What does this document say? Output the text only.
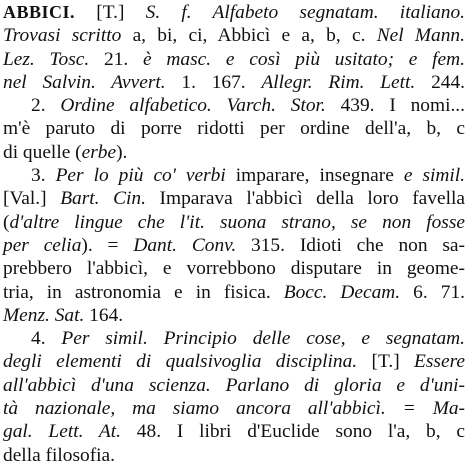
ABBICI. [T.] S. f. Alfabeto segnatam. italiano.
Trovasi scritto a, bi, ci, Abbicì e a, b, c. Nel Mann.
Lez. Tosc. 21. è masc. e così più usitato; e fem.
nel Salvin. Avvert. 1. 167. Allegr. Rim. Lett. 244.
2. Ordine alfabetico. Varch. Stor. 439. I nomi...
m'è paruto di porre ridotti per ordine dell'a, b, c
di quelle (erbe).
3. Per lo più co' verbi imparare, insegnare e simil.
[Val.] Bart. Cin. Imparava l'abbicì della loro favella
(d'altre lingue che l'it. suona strano, se non fosse
per celia). = Dant. Conv. 315. Idioti che non sa-
prebbero l'abbicì, e vorrebbono disputare in geome-
tria, in astronomia e in fisica. Bocc. Decam. 6. 71.
Menz. Sat. 164.
4. Per simil. Principio delle cose, e segnatam.
degli elementi di qualsivoglia disciplina. [T.] Essere
all'abbicì d'una scienza. Parlano di gloria e d'uni-
tà nazionale, ma siamo ancora all'abbicì. = Ma-
gal. Lett. At. 48. I libri d'Euclide sono l'a, b, c
della filosofia.
